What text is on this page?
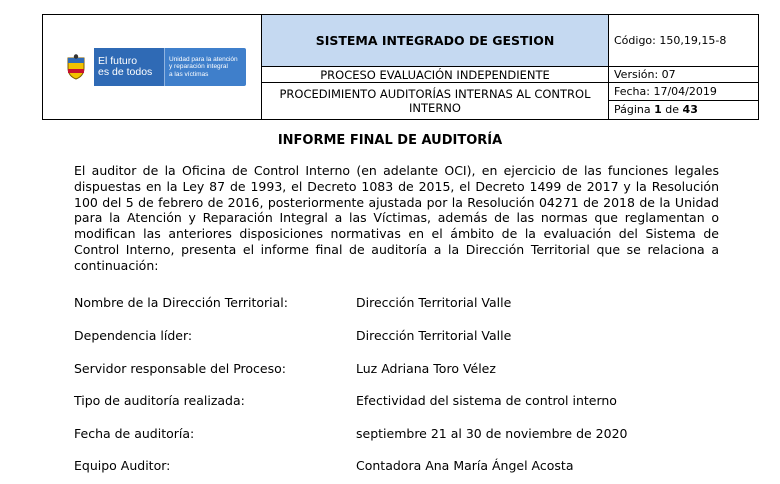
El futuro
es de todos
Unidad para la atención
y reparación integral
a las víctimas	SISTEMA INTEGRADO DE GESTION	Código: 150,19,15-8
	PROCESO EVALUACIÓN INDEPENDIENTE	Versión: 07
	PROCEDIMIENTO AUDITORÍAS INTERNAS AL CONTROL INTERNO	Fecha: 17/04/2019
Página 1 de 43
INFORME FINAL DE AUDITORÍA
El auditor de la Oficina de Control Interno (en adelante OCI), en ejercicio de las funciones legales dispuestas en la Ley 87 de 1993, el Decreto 1083 de 2015, el Decreto 1499 de 2017 y la Resolución 100 del 5 de febrero de 2016, posteriormente ajustada por la Resolución 04271 de 2018 de la Unidad para la Atención y Reparación Integral a las Víctimas, además de las normas que reglamentan o modifican las anteriores disposiciones normativas en el ámbito de la evaluación del Sistema de Control Interno, presenta el informe final de auditoría a la Dirección Territorial que se relaciona a continuación:
Nombre de la Dirección Territorial:	Dirección Territorial Valle
Dependencia líder:	Dirección Territorial Valle
Servidor responsable del Proceso:	Luz Adriana Toro Vélez
Tipo de auditoría realizada:	Efectividad del sistema de control interno
Fecha de auditoría:	septiembre 21 al 30 de noviembre de 2020
Equipo Auditor:	Contadora Ana María Ángel Acosta
